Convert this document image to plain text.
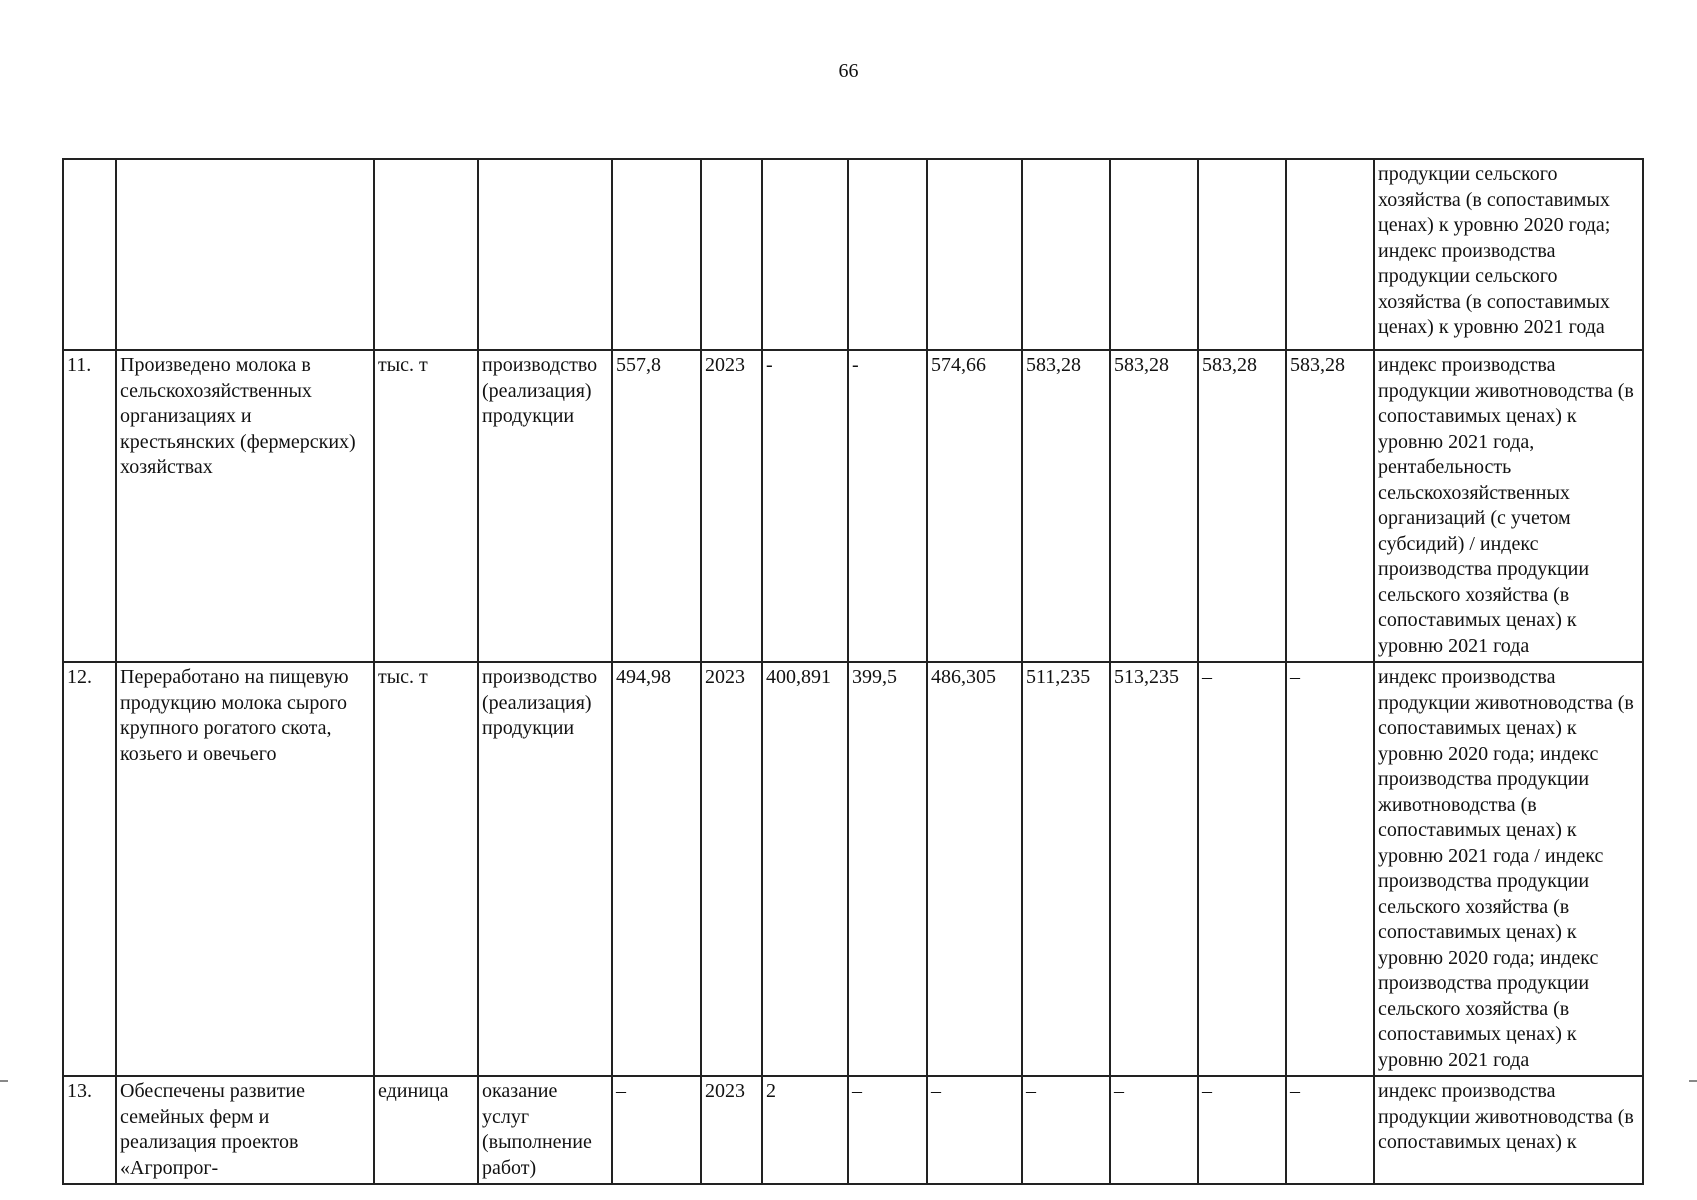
66
													продукции сельского хозяйства (в сопоставимых ценах) к уровню 2020 года; индекс производства продукции сельского хозяйства (в сопоставимых ценах) к уровню 2021 года
11.	Произведено молока в сельскохозяйственных организациях и крестьянских (фермерских) хозяйствах	тыс. т	производство (реализация) продукции	557,8	2023	-	-	574,66	583,28	583,28	583,28	583,28	индекс производства продукции животноводства (в сопоставимых ценах) к уровню 2021 года, рентабельность сельскохозяйственных организаций (с учетом субсидий) / индекс производства продукции сельского хозяйства (в сопоставимых ценах) к уровню 2021 года
12.	Переработано на пищевую продукцию молока сырого крупного рогатого скота, козьего и овечьего	тыс. т	производство (реализация) продукции	494,98	2023	400,891	399,5	486,305	511,235	513,235	–	–	индекс производства продукции животноводства (в сопоставимых ценах) к уровню 2020 года; индекс производства продукции животноводства (в сопоставимых ценах) к уровню 2021 года / индекс производства продукции сельского хозяйства (в сопоставимых ценах) к уровню 2020 года; индекс производства продукции сельского хозяйства (в сопоставимых ценах) к уровню 2021 года
13.	Обеспечены развитие семейных ферм и реализация проектов «Агропрог-	единица	оказание услуг (выполнение работ)	–	2023	2	–	–	–	–	–	–	индекс производства продукции животноводства (в сопоставимых ценах) к
